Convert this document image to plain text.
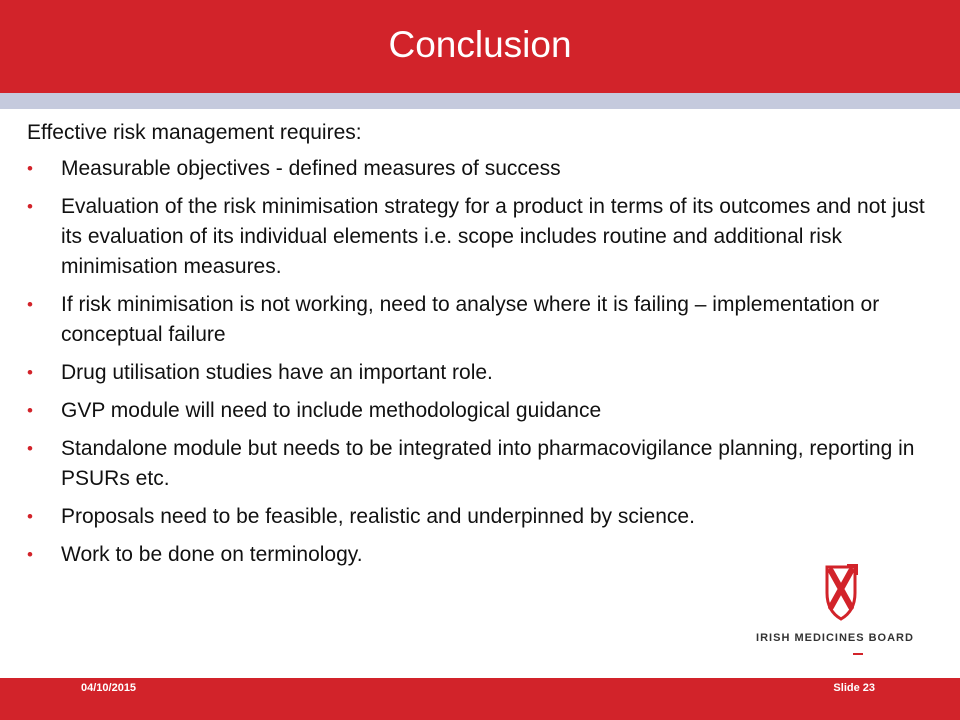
Conclusion
Effective risk management requires:
• Measurable objectives - defined measures of success
• Evaluation of the risk minimisation strategy for a product in terms of its outcomes and not just its evaluation of its individual elements i.e. scope includes routine and additional risk minimisation measures.
• If risk minimisation is not working, need to analyse where it is failing – implementation or conceptual failure
• Drug utilisation studies have an important role.
• GVP module will need to include methodological guidance
• Standalone module but needs to be integrated into pharmacovigilance planning, reporting in PSURs etc.
• Proposals need to be feasible, realistic and underpinned by science.
• Work to be done on terminology.
IRISH MEDICINES BOARD
04/10/2015	Slide 23
